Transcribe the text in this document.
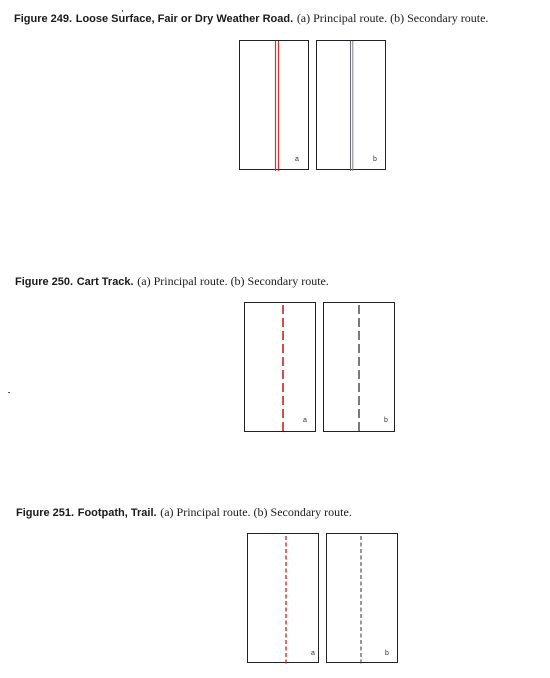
Figure 249. Loose Surface, Fair or Dry Weather Road. (a) Principal route. (b) Secondary route.
a	b
Figure 250. Cart Track. (a) Principal route. (b) Secondary route.
a	b
Figure 251. Footpath, Trail. (a) Principal route. (b) Secondary route.
a	b
